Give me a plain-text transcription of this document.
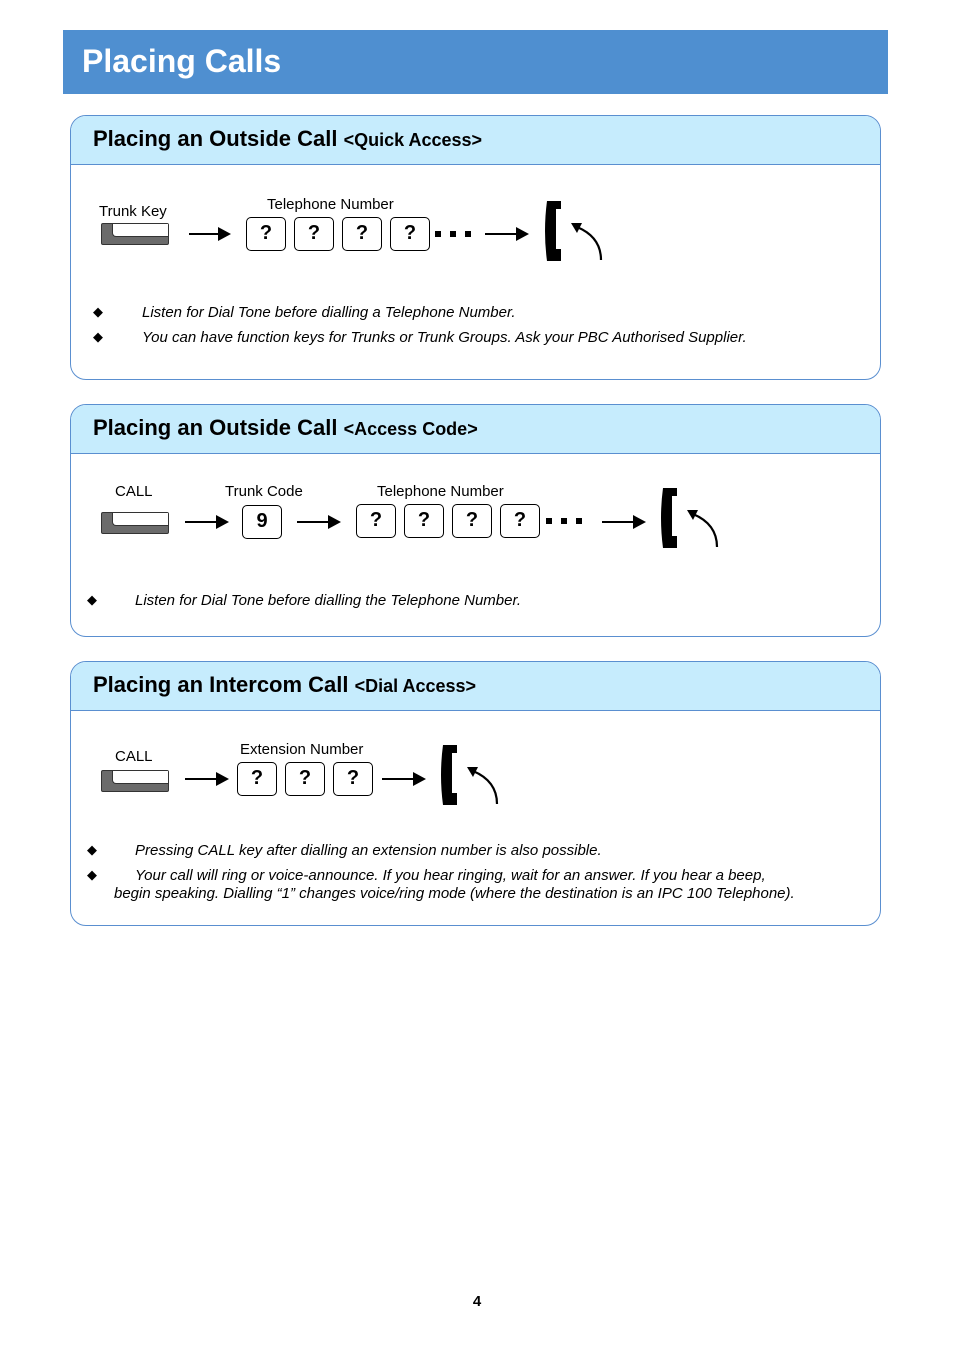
Placing Calls
Placing an Outside Call <Quick Access>
Trunk Key	Telephone Number
?	?	?	?
◆	Listen for Dial Tone before dialling a Telephone Number.
◆	You can have function keys for Trunks or Trunk Groups. Ask your PBC Authorised Supplier.
Placing an Outside Call <Access Code>
CALL	Trunk Code
9
Telephone Number
?	?	?	?
◆	Listen for Dial Tone before dialling the Telephone Number.
Placing an Intercom Call <Dial Access>
CALL	Extension Number
?	?	?
◆	Pressing CALL key after dialling an extension number is also possible.
◆	Your call will ring or voice-announce. If you hear ringing, wait for an answer. If you hear a beep,
begin speaking. Dialling “1” changes voice/ring mode (where the destination is an IPC 100 Telephone).
4
